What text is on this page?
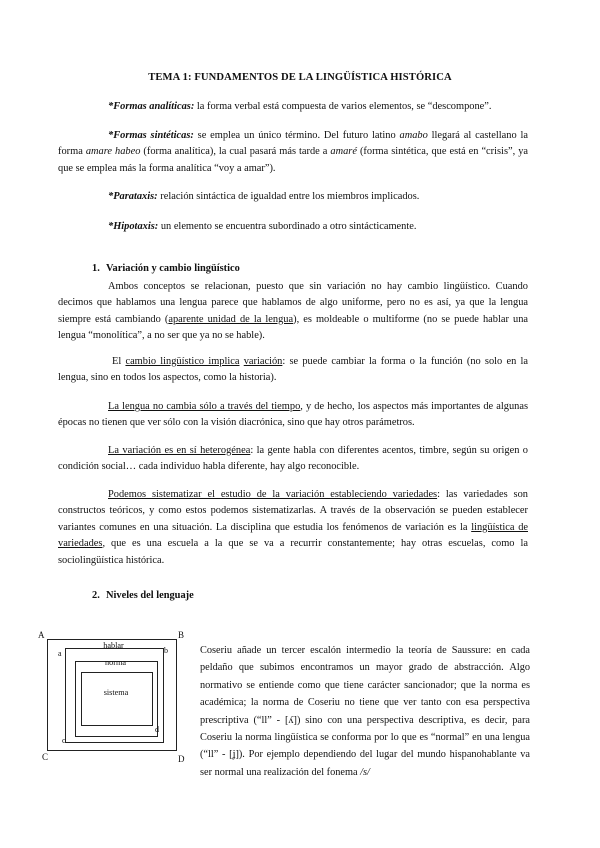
TEMA 1: FUNDAMENTOS DE LA LINGÜÍSTICA HISTÓRICA
*Formas analíticas: la forma verbal está compuesta de varios elementos, se “descompone”.
*Formas sintéticas: se emplea un único término. Del futuro latino amabo llegará al castellano la forma amare habeo (forma analítica), la cual pasará más tarde a amaré (forma sintética, que está en “crisis”, ya que se emplea más la forma analítica “voy a amar”).
*Parataxis: relación sintáctica de igualdad entre los miembros implicados.
*Hipotaxis: un elemento se encuentra subordinado a otro sintácticamente.
1. Variación y cambio lingüístico
Ambos conceptos se relacionan, puesto que sin variación no hay cambio lingüístico. Cuando decimos que hablamos una lengua parece que hablamos de algo uniforme, pero no es así, ya que la lengua siempre está cambiando (aparente unidad de la lengua), es moldeable o multiforme (no se puede hablar una lengua “monolítica”, a no ser que ya no se hable).
El cambio lingüístico implica variación: se puede cambiar la forma o la función (no solo en la lengua, sino en todos los aspectos, como la historia).
La lengua no cambia sólo a través del tiempo, y de hecho, los aspectos más importantes de algunas épocas no tienen que ver sólo con la visión diacrónica, sino que hay otros parámetros.
La variación es en sí heterogénea: la gente habla con diferentes acentos, timbre, según su origen o condición social… cada individuo habla diferente, hay algo reconocible.
Podemos sistematizar el estudio de la variación estableciendo variedades: las variedades son constructos teóricos, y como estos podemos sistematizarlas. A través de la observación se pueden establecer variantes comunes en una situación. La disciplina que estudia los fenómenos de variación es la lingüística de variedades, que es una escuela a la que se va a recurrir constantemente; hay otras escuelas, como la sociolingüística histórica.
2. Niveles del lenguaje
A	B
C	D
hablar
norma
sistema
a	b
d
c
Coseriu añade un tercer escalón intermedio la teoría de Saussure: en cada peldaño que subimos encontramos un mayor grado de abstracción. Algo normativo se entiende como que tiene carácter sancionador; que la norma es académica; la norma de Coseriu no tiene que ver tanto con esa perspectiva prescriptiva (“ll” - [ʎ]) sino con una perspectiva descriptiva, es decir, para Coseriu la norma lingüística se conforma por lo que es “normal” en una lengua (“ll” - [ʝ]). Por ejemplo dependiendo del lugar del mundo hispanohablante va ser normal una realización del fonema /s/
